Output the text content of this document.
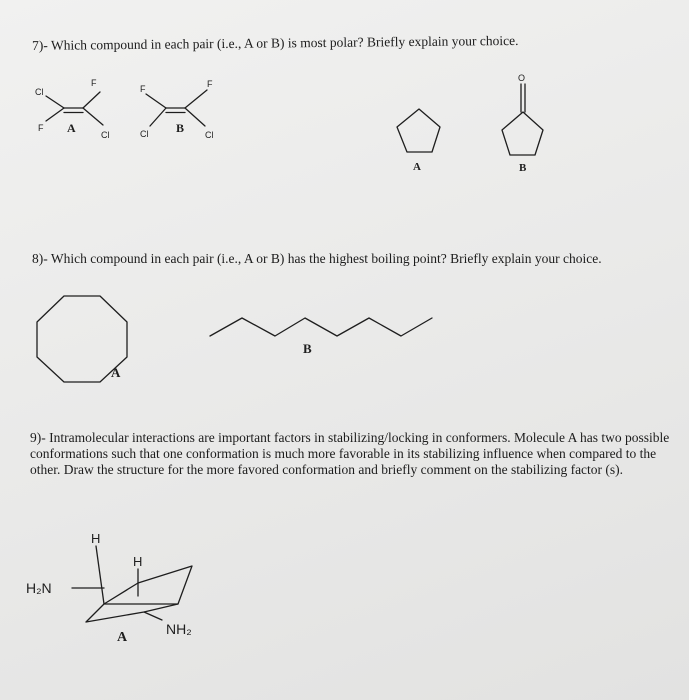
7)- Which compound in each pair (i.e., A or B) is most polar? Briefly explain your choice.

8)- Which compound in each pair (i.e., A or B) has the highest boiling point? Briefly explain your choice.

9)- Intramolecular interactions are important factors in stabilizing/locking in conformers. Molecule A has two possible conformations such that one conformation is much more favorable in its stabilizing influence when compared to the other. Draw the structure for the more favored conformation and briefly comment on the stabilizing factor (s).

Cl
F
F
Cl
A
F	F
Cl	Cl
B
A
O
B
A
B
H
H
H₂N
NH₂
A
